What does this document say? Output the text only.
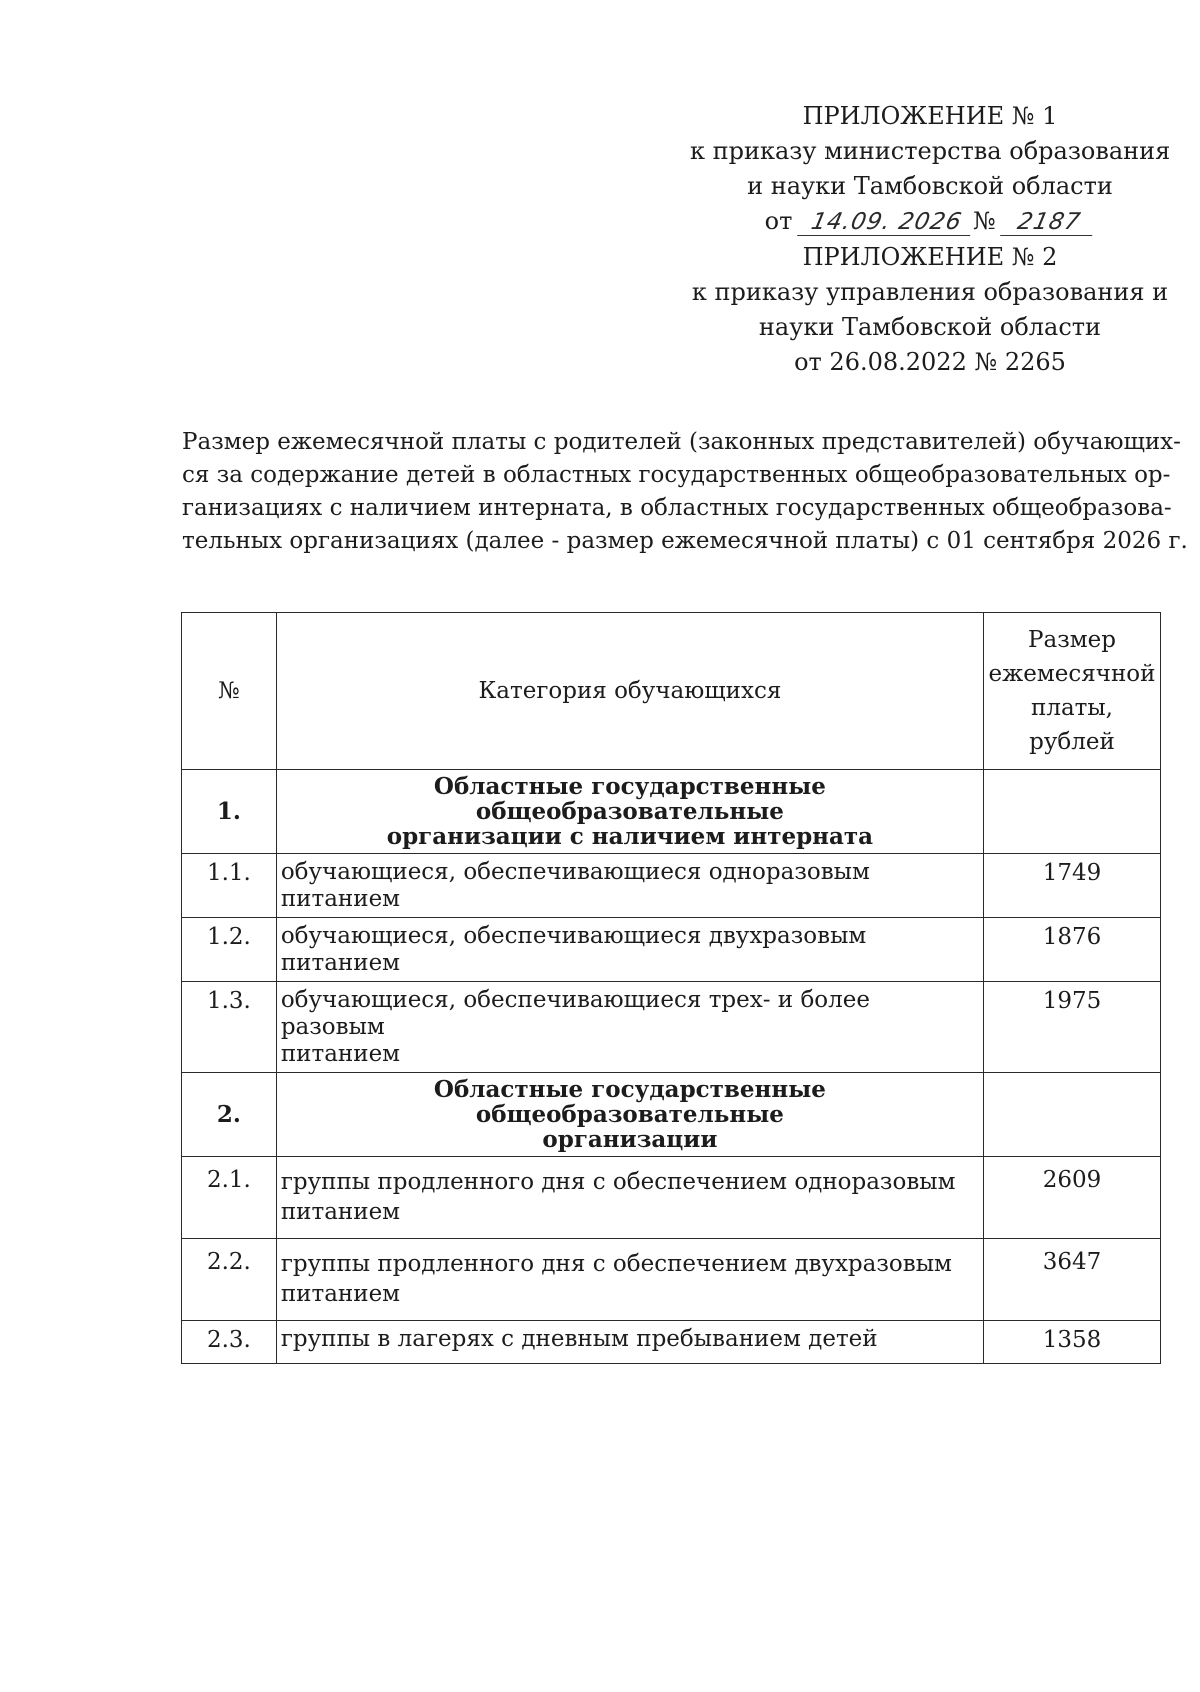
ПРИЛОЖЕНИЕ № 1
к приказу министерства образования
и науки Тамбовской области
от 14.09. 2026 № 2187
ПРИЛОЖЕНИЕ № 2
к приказу управления образования и
науки Тамбовской области
от 26.08.2022 № 2265

Размер ежемесячной платы с родителей (законных представителей) обучающих-
ся за содержание детей в областных государственных общеобразовательных ор-
ганизациях с наличием интерната, в областных государственных общеобразова-
тельных организациях (далее - размер ежемесячной платы) с 01 сентября 2026 г.

№	Категория обучающихся	Размер
ежемесячной
платы,
рублей
1.	Областные государственные общеобразовательные
организации с наличием интерната	
1.1.	обучающиеся, обеспечивающиеся одноразовым питанием	1749
1.2.	обучающиеся, обеспечивающиеся двухразовым питанием	1876
1.3.	обучающиеся, обеспечивающиеся трех- и более разовым
питанием	1975
2.	Областные государственные общеобразовательные
организации	
2.1.	группы продленного дня с обеспечением одноразовым
питанием	2609
2.2.	группы продленного дня с обеспечением двухразовым
питанием	3647
2.3.	группы в лагерях с дневным пребыванием детей	1358
